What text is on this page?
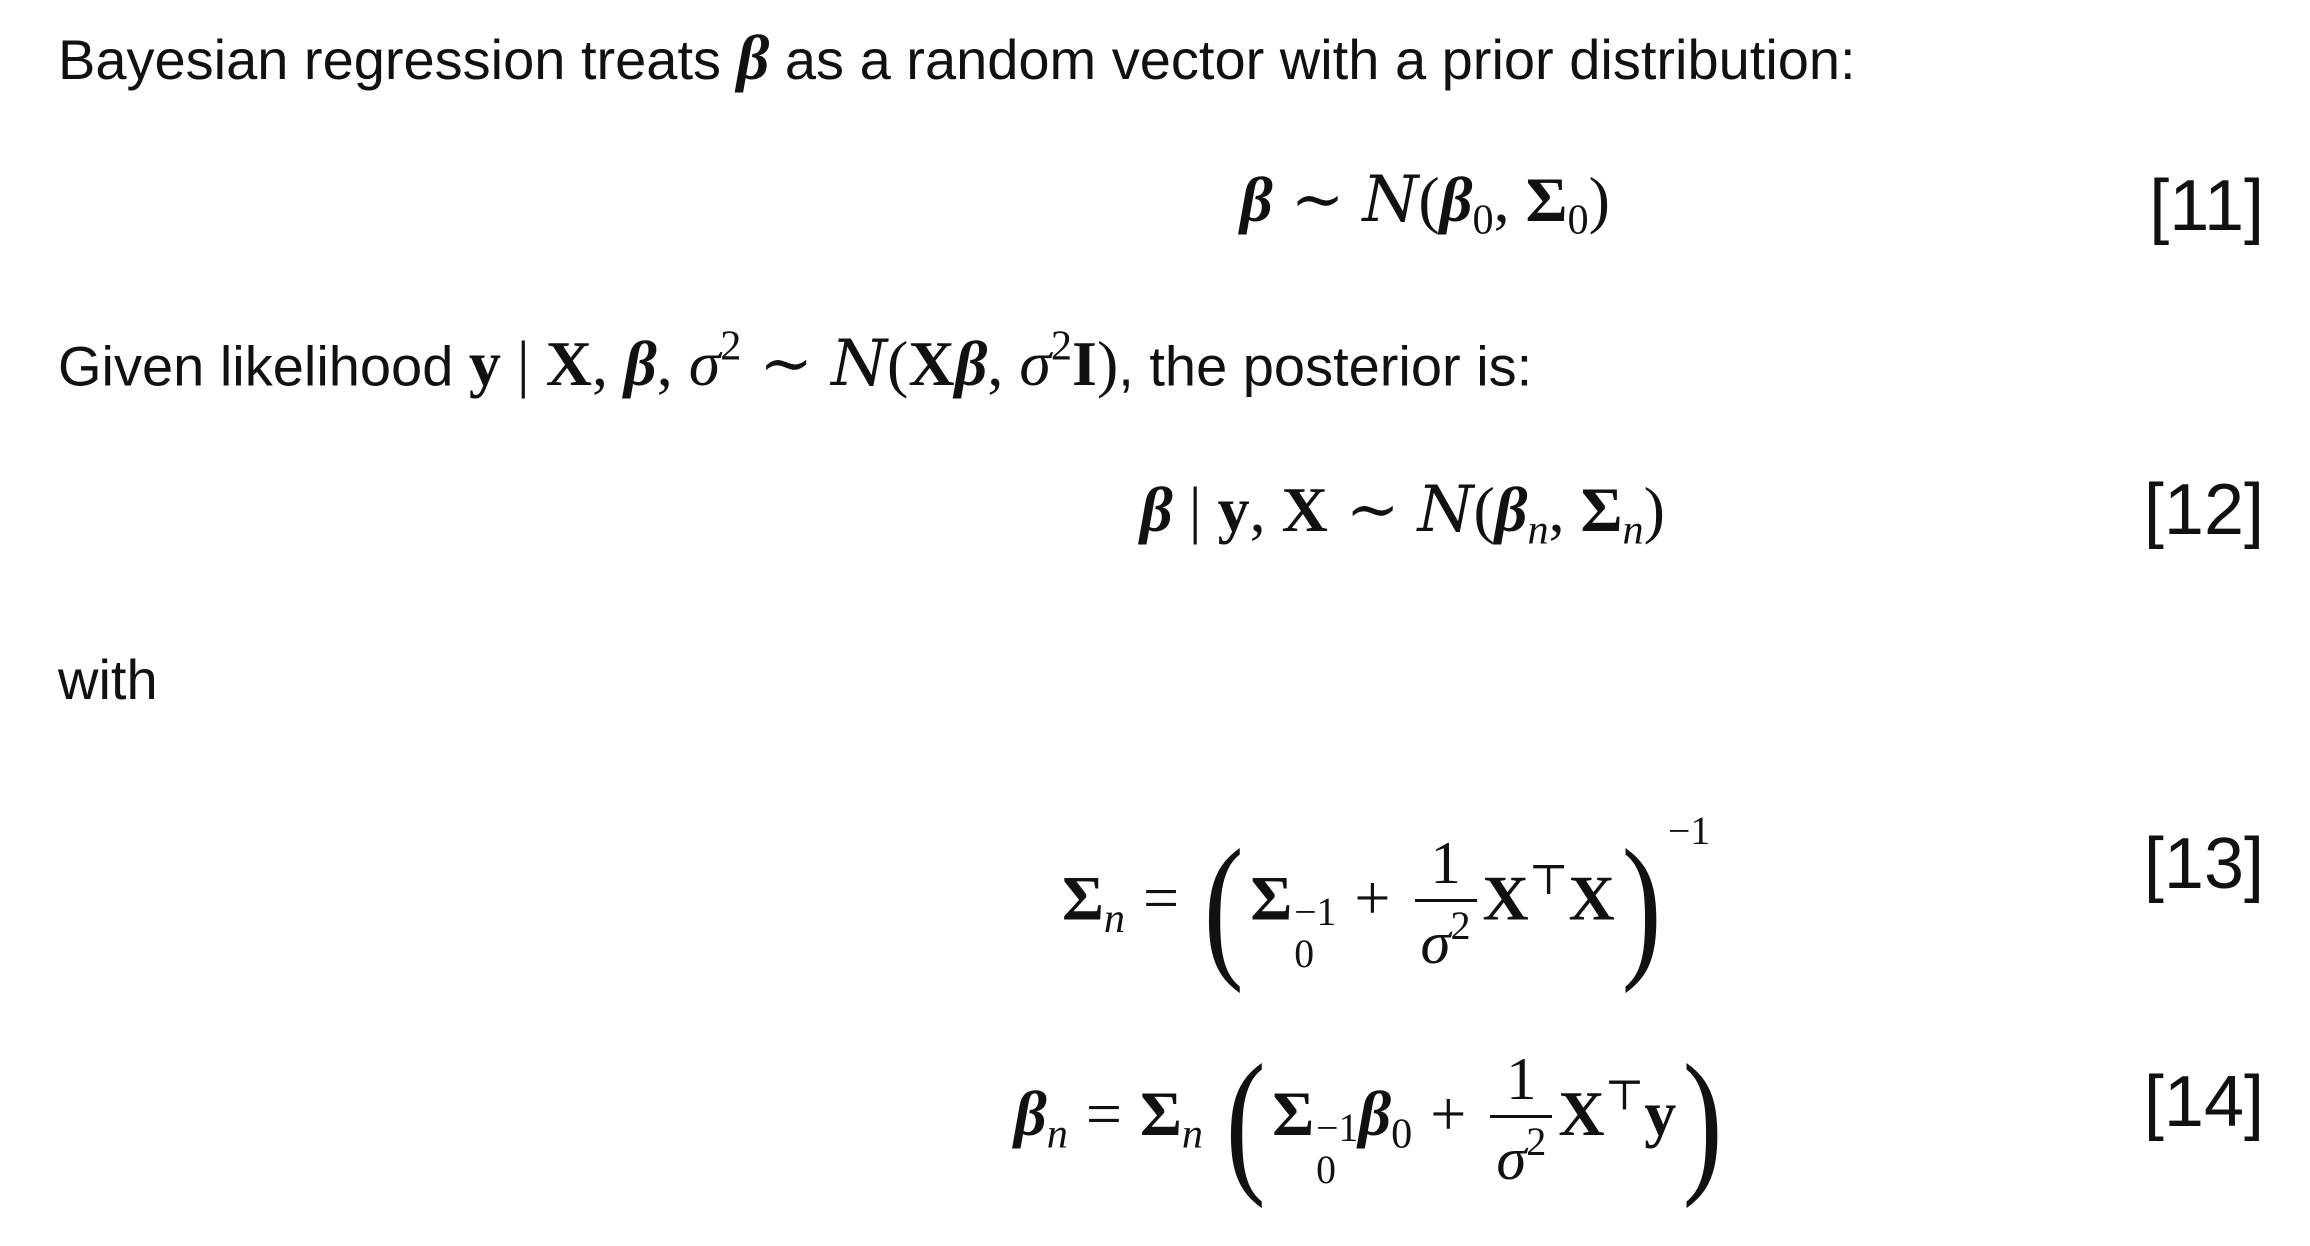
Bayesian regression treats β as a random vector with a prior distribution:
β ∼ $N(\beta_0$, $\Sigma_0$)	[11]
Given likelihood y | X, β, $\sigma^2$ ∼ N(Xβ, $\sigma^2I$), the posterior is:
β | y, X ∼ $N(\beta_n$, $\Sigma_n$)	[12]
with
$\Sigma_n$ = ( Σ −1
0
+ $\frac{1}{\sigma^2} X^⊤X$) $^{-1}$	[13]
$\beta_n = \Sigma_n$ ( Σ −1
0
$\beta_0 + \frac{1}{\sigma^2} X^⊤y$)	[14]
